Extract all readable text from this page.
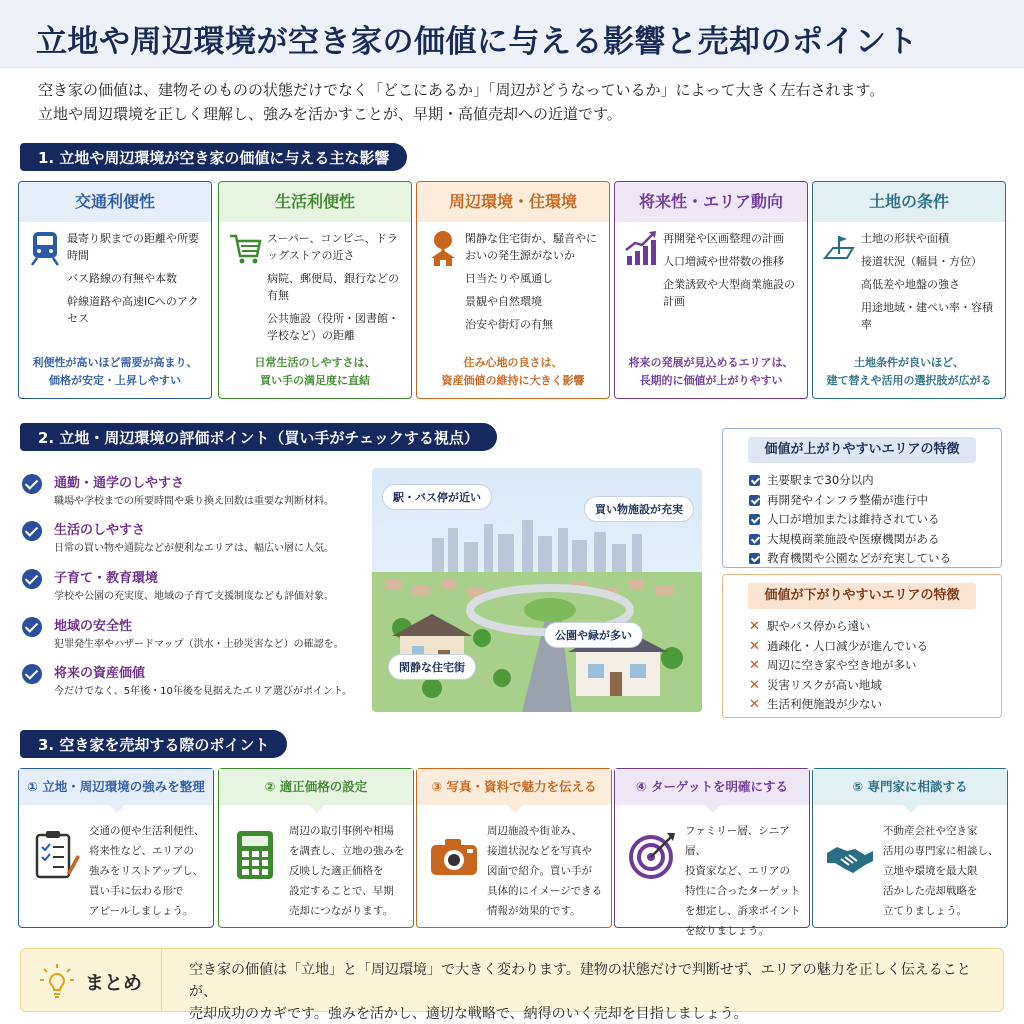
立地や周辺環境が空き家の価値に与える影響と売却のポイント
空き家の価値は、建物そのものの状態だけでなく「どこにあるか」「周辺がどうなっているか」によって大きく左右されます。
立地や周辺環境を正しく理解し、強みを活かすことが、早期・高値売却への近道です。
1. 立地や周辺環境が空き家の価値に与える主な影響
交通利便性
最寄り駅までの距離や所要時間
バス路線の有無や本数
幹線道路や高速ICへのアクセス
利便性が高いほど需要が高まり、
価格が安定・上昇しやすい
生活利便性
スーパー、コンビニ、ドラッグストアの近さ
病院、郵便局、銀行などの有無
公共施設（役所・図書館・学校など）の距離
日常生活のしやすさは、
買い手の満足度に直結
周辺環境・住環境
閑静な住宅街か、騒音やにおいの発生源がないか
日当たりや風通し
景観や自然環境
治安や街灯の有無
住み心地の良さは、
資産価値の維持に大きく影響
将来性・エリア動向
再開発や区画整理の計画
人口増減や世帯数の推移
企業誘致や大型商業施設の計画
将来の発展が見込めるエリアは、
長期的に価値が上がりやすい
土地の条件
土地の形状や面積
接道状況（幅員・方位）
高低差や地盤の強さ
用途地域・建ぺい率・容積率
土地条件が良いほど、
建て替えや活用の選択肢が広がる
2. 立地・周辺環境の評価ポイント（買い手がチェックする視点）
通勤・通学のしやすさ
職場や学校までの所要時間や乗り換え回数は重要な判断材料。
生活のしやすさ
日常の買い物や通院などが便利なエリアは、幅広い層に人気。
子育て・教育環境
学校や公園の充実度、地域の子育て支援制度なども評価対象。
地域の安全性
犯罪発生率やハザードマップ（洪水・土砂災害など）の確認を。
将来の資産価値
今だけでなく、5年後・10年後を見据えたエリア選びがポイント。
駅・バス停が近い
買い物施設が充実
公園や緑が多い
閑静な住宅街
価値が上がりやすいエリアの特徴
主要駅まで30分以内
再開発やインフラ整備が進行中
人口が増加または維持されている
大規模商業施設や医療機関がある
教育機関や公園などが充実している
価値が下がりやすいエリアの特徴
✕ 駅やバス停から遠い
✕ 過疎化・人口減少が進んでいる
✕ 周辺に空き家や空き地が多い
✕ 災害リスクが高い地域
✕ 生活利便施設が少ない
3. 空き家を売却する際のポイント
① 立地・周辺環境の強みを整理
交通の便や生活利便性、
将来性など、エリアの
強みをリストアップし、
買い手に伝わる形で
アピールしましょう。
② 適正価格の設定
周辺の取引事例や相場
を調査し、立地の強みを
反映した適正価格を
設定することで、早期
売却につながります。
③ 写真・資料で魅力を伝える
周辺施設や街並み、
接道状況などを写真や
図面で紹介。買い手が
具体的にイメージできる
情報が効果的です。
④ ターゲットを明確にする
ファミリー層、シニア層、
投資家など、エリアの
特性に合ったターゲット
を想定し、訴求ポイント
を絞りましょう。
⑤ 専門家に相談する
不動産会社や空き家
活用の専門家に相談し、
立地や環境を最大限
活かした売却戦略を
立てりましょう。
まとめ
空き家の価値は「立地」と「周辺環境」で大きく変わります。建物の状態だけで判断せず、エリアの魅力を正しく伝えることが、
売却成功のカギです。強みを活かし、適切な戦略で、納得のいく売却を目指しましょう。
